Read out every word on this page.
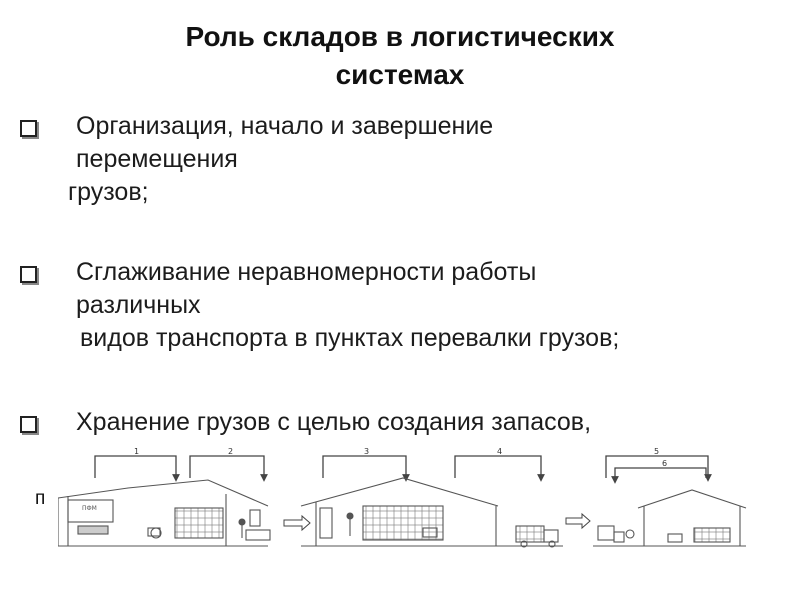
Роль складов в логистических
системах
Организация, начало и завершение
перемещения
грузов;
Сглаживание неравномерности работы
различных
видов транспорта в пунктах перевалки грузов;
Хранение грузов с целью создания запасов,
п
1	2	3	4	5
6
ПФМ
